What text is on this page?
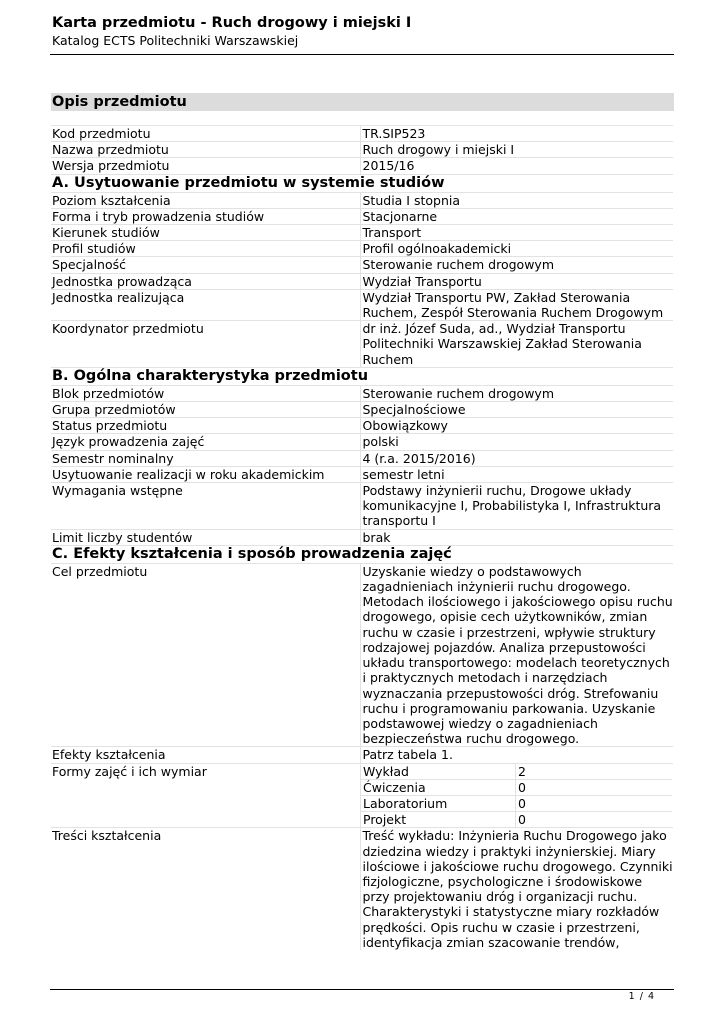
Karta przedmiotu - Ruch drogowy i miejski I
Katalog ECTS Politechniki Warszawskiej
Opis przedmiotu
Kod przedmiotu	TR.SIP523
Nazwa przedmiotu	Ruch drogowy i miejski I
Wersja przedmiotu	2015/16
A. Usytuowanie przedmiotu w systemie studiów
Poziom kształcenia	Studia I stopnia
Forma i tryb prowadzenia studiów	Stacjonarne
Kierunek studiów	Transport
Profil studiów	Profil ogólnoakademicki
Specjalność	Sterowanie ruchem drogowym
Jednostka prowadząca	Wydział Transportu
Jednostka realizująca	Wydział Transportu PW, Zakład Sterowania Ruchem, Zespół Sterowania Ruchem Drogowym
Koordynator przedmiotu	dr inż. Józef Suda, ad., Wydział Transportu Politechniki Warszawskiej Zakład Sterowania Ruchem
B. Ogólna charakterystyka przedmiotu
Blok przedmiotów	Sterowanie ruchem drogowym
Grupa przedmiotów	Specjalnościowe
Status przedmiotu	Obowiązkowy
Język prowadzenia zajęć	polski
Semestr nominalny	4 (r.a. 2015/2016)
Usytuowanie realizacji w roku akademickim	semestr letni
Wymagania wstępne	Podstawy inżynierii ruchu, Drogowe układy komunikacyjne I, Probabilistyka I, Infrastruktura transportu I
Limit liczby studentów	brak
C. Efekty kształcenia i sposób prowadzenia zajęć
Cel przedmiotu	Uzyskanie wiedzy o podstawowych zagadnieniach inżynierii ruchu drogowego. Metodach ilościowego i jakościowego opisu ruchu drogowego, opisie cech użytkowników, zmian ruchu w czasie i przestrzeni, wpływie struktury rodzajowej pojazdów. Analiza przepustowości układu transportowego: modelach teoretycznych i praktycznych metodach i narzędziach wyznaczania przepustowości dróg. Strefowaniu ruchu i programowaniu parkowania. Uzyskanie podstawowej wiedzy o zagadnieniach bezpieczeństwa ruchu drogowego.
Efekty kształcenia	Patrz tabela 1.
Formy zajęć i ich wymiar	Wykład	2
Ćwiczenia	0
Laboratorium	0
Projekt	0
Treści kształcenia	Treść wykładu: Inżynieria Ruchu Drogowego jako dziedzina wiedzy i praktyki inżynierskiej. Miary ilościowe i jakościowe ruchu drogowego. Czynniki fizjologiczne, psychologiczne i środowiskowe przy projektowaniu dróg i organizacji ruchu. Charakterystyki i statystyczne miary rozkładów prędkości. Opis ruchu w czasie i przestrzeni, identyfikacja zmian szacowanie trendów,
1 / 4
